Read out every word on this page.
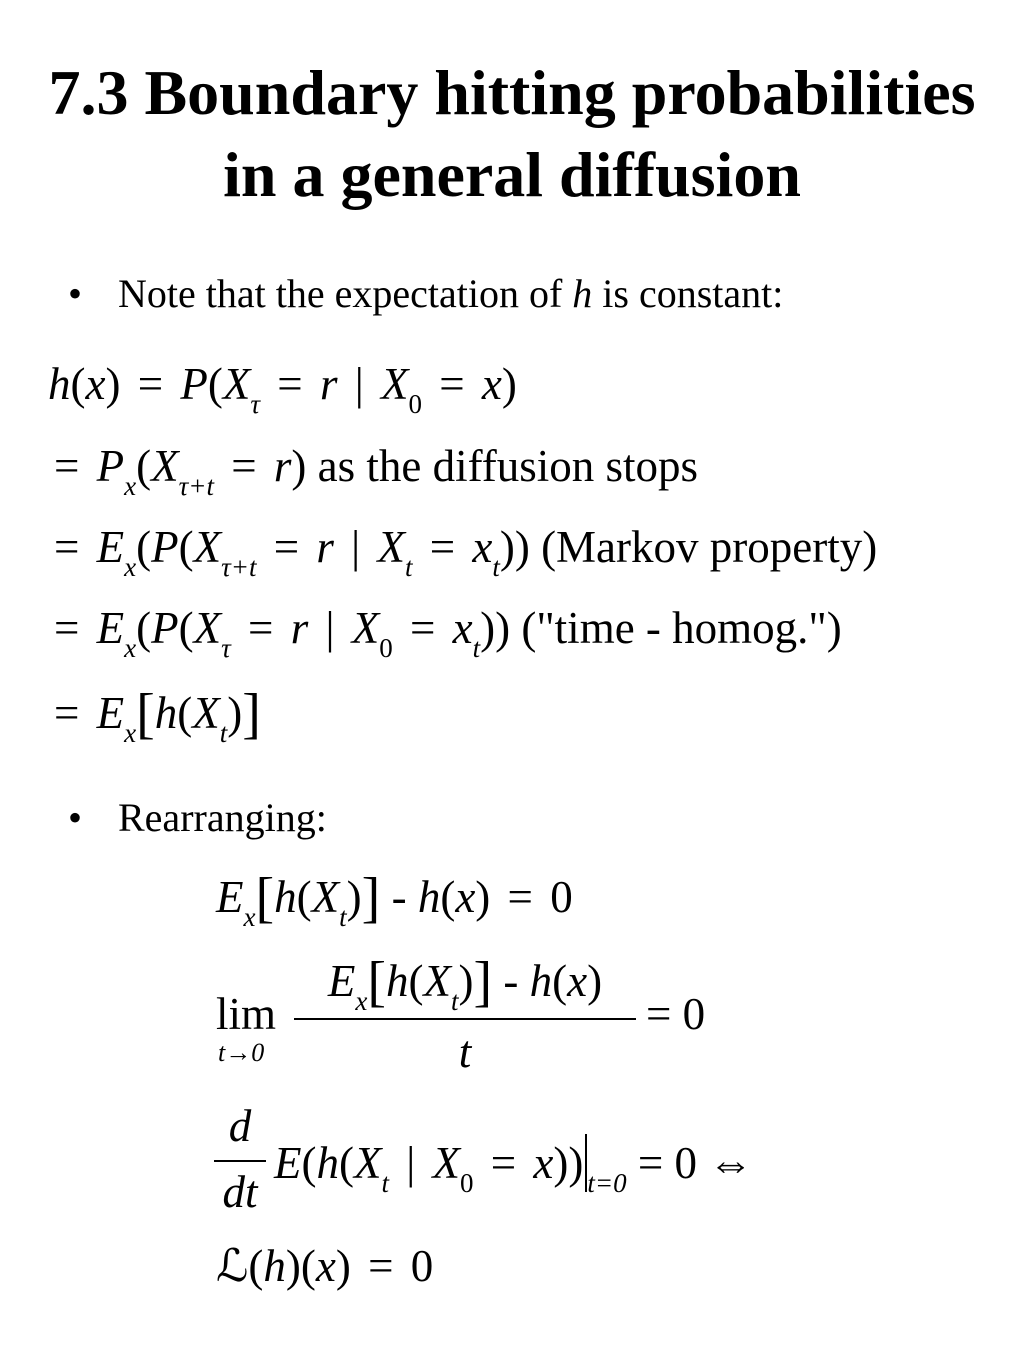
7.3 Boundary hitting probabilities
in a general diffusion
• Note that the expectation of h is constant:
$h(x) = P(X_\tau = r$ | $X_0 = x$)
= $P_x(X_{\tau+t} = r)$ as the diffusion stops
= $E_x(P(X_{\tau+t} = r$ | $X_t = x_t$)) (Markov property)
= $E_x(P(X_\tau = r$ | $X_0 = x_t$)) ("time - homog.")
= $E_x[h(X_t)]$
• Rearranging:
$E_x[h(X_t)] - h(x) = 0$
lim
t→0
$E_x[h(X_t)] - h(x)$
t
= 0
d
dt
$E(h(X_t$ | $X_0 = x$)) $_{t=0}$ = 0 ⇔
ℒ(h)(x) = 0
